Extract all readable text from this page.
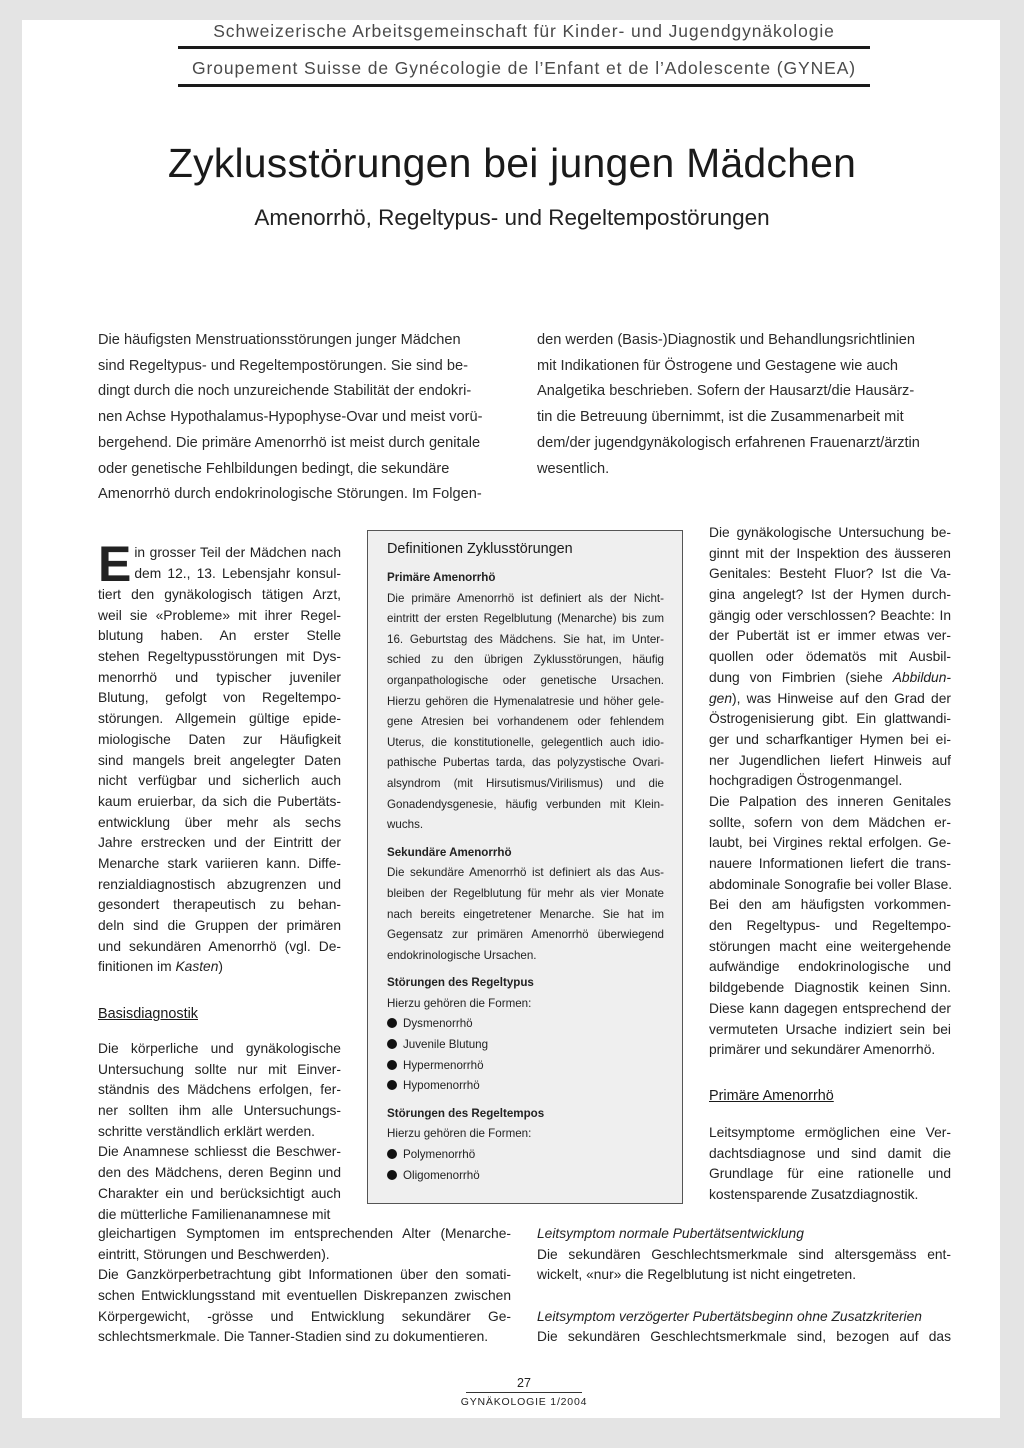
Schweizerische Arbeitsgemeinschaft für Kinder- und Jugendgynäkologie
Groupement Suisse de Gynécologie de l’Enfant et de l’Adolescente (GYNEA)
Zyklusstörungen bei jungen Mädchen
Amenorrhö, Regeltypus- und Regeltempostörungen
Die häufigsten Menstruationsstörungen junger Mädchen
sind Regeltypus- und Regeltempostörungen. Sie sind be-
dingt durch die noch unzureichende Stabilität der endokri-
nen Achse Hypothalamus-Hypophyse-Ovar und meist vorü-
bergehend. Die primäre Amenorrhö ist meist durch genitale
oder genetische Fehlbildungen bedingt, die sekundäre
Amenorrhö durch endokrinologische Störungen. Im Folgen-
den werden (Basis-)Diagnostik und Behandlungsrichtlinien
mit Indikationen für Östrogene und Gestagene wie auch
Analgetika beschrieben. Sofern der Hausarzt/die Hausärz-
tin die Betreuung übernimmt, ist die Zusammenarbeit mit
dem/der jugendgynäkologisch erfahrenen Frauenarzt/ärztin
wesentlich.
E in grosser Teil der Mädchen nach
dem 12., 13. Lebensjahr konsul-
tiert den gynäkologisch tätigen Arzt,
weil sie «Probleme» mit ihrer Regel-
blutung haben. An erster Stelle
stehen Regeltypusstörungen mit Dys-
menorrhö und typischer juveniler
Blutung, gefolgt von Regeltempo-
störungen. Allgemein gültige epide-
miologische Daten zur Häufigkeit
sind mangels breit angelegter Daten
nicht verfügbar und sicherlich auch
kaum eruierbar, da sich die Pubertäts-
entwicklung über mehr als sechs
Jahre erstrecken und der Eintritt der
Menarche stark variieren kann. Diffe-
renzialdiagnostisch abzugrenzen und
gesondert therapeutisch zu behan-
deln sind die Gruppen der primären
und sekundären Amenorrhö (vgl. De-
finitionen im Kasten)
Basisdiagnostik
Die körperliche und gynäkologische
Untersuchung sollte nur mit Einver-
ständnis des Mädchens erfolgen, fer-
ner sollten ihm alle Untersuchungs-
schritte verständlich erklärt werden.
Die Anamnese schliesst die Beschwer-
den des Mädchens, deren Beginn und
Charakter ein und berücksichtigt auch
die mütterliche Familienanamnese mit
Definitionen Zyklusstörungen
Primäre Amenorrhö
Die primäre Amenorrhö ist definiert als der Nicht-
eintritt der ersten Regelblutung (Menarche) bis zum
16. Geburtstag des Mädchens. Sie hat, im Unter-
schied zu den übrigen Zyklusstörungen, häufig
organpathologische oder genetische Ursachen.
Hierzu gehören die Hymenalatresie und höher gele-
gene Atresien bei vorhandenem oder fehlendem
Uterus, die konstitutionelle, gelegentlich auch idio-
pathische Pubertas tarda, das polyzystische Ovari-
alsyndrom (mit Hirsutismus/Virilismus) und die
Gonadendysgenesie, häufig verbunden mit Klein-
wuchs.
Sekundäre Amenorrhö
Die sekundäre Amenorrhö ist definiert als das Aus-
bleiben der Regelblutung für mehr als vier Monate
nach bereits eingetretener Menarche. Sie hat im
Gegensatz zur primären Amenorrhö überwiegend
endokrinologische Ursachen.
Störungen des Regeltypus
Hierzu gehören die Formen:
Dysmenorrhö
Juvenile Blutung
Hypermenorrhö
Hypomenorrhö
Störungen des Regeltempos
Hierzu gehören die Formen:
Polymenorrhö
Oligomenorrhö
Die gynäkologische Untersuchung be-
ginnt mit der Inspektion des äusseren
Genitales: Besteht Fluor? Ist die Va-
gina angelegt? Ist der Hymen durch-
gängig oder verschlossen? Beachte: In
der Pubertät ist er immer etwas ver-
quollen oder ödematös mit Ausbil-
dung von Fimbrien (siehe Abbildun-
gen), was Hinweise auf den Grad der
Östrogenisierung gibt. Ein glattwandi-
ger und scharfkantiger Hymen bei ei-
ner Jugendlichen liefert Hinweis auf
hochgradigen Östrogenmangel.
Die Palpation des inneren Genitales
sollte, sofern von dem Mädchen er-
laubt, bei Virgines rektal erfolgen. Ge-
nauere Informationen liefert die trans-
abdominale Sonografie bei voller Blase.
Bei den am häufigsten vorkommen-
den Regeltypus- und Regeltempo-
störungen macht eine weitergehende
aufwändige endokrinologische und
bildgebende Diagnostik keinen Sinn.
Diese kann dagegen entsprechend der
vermuteten Ursache indiziert sein bei
primärer und sekundärer Amenorrhö.
Primäre Amenorrhö
Leitsymptome ermöglichen eine Ver-
dachtsdiagnose und sind damit die
Grundlage für eine rationelle und
kostensparende Zusatzdiagnostik.
gleichartigen Symptomen im entsprechenden Alter (Menarche-
eintritt, Störungen und Beschwerden).
Die Ganzkörperbetrachtung gibt Informationen über den somati-
schen Entwicklungsstand mit eventuellen Diskrepanzen zwischen
Körpergewicht, -grösse und Entwicklung sekundärer Ge-
schlechtsmerkmale. Die Tanner-Stadien sind zu dokumentieren.
Leitsymptom normale Pubertätsentwicklung
Die sekundären Geschlechtsmerkmale sind altersgemäss ent-
wickelt, «nur» die Regelblutung ist nicht eingetreten.
Leitsymptom verzögerter Pubertätsbeginn ohne Zusatzkriterien
Die sekundären Geschlechtsmerkmale sind, bezogen auf das
27
GYNÄKOLOGIE 1/2004
